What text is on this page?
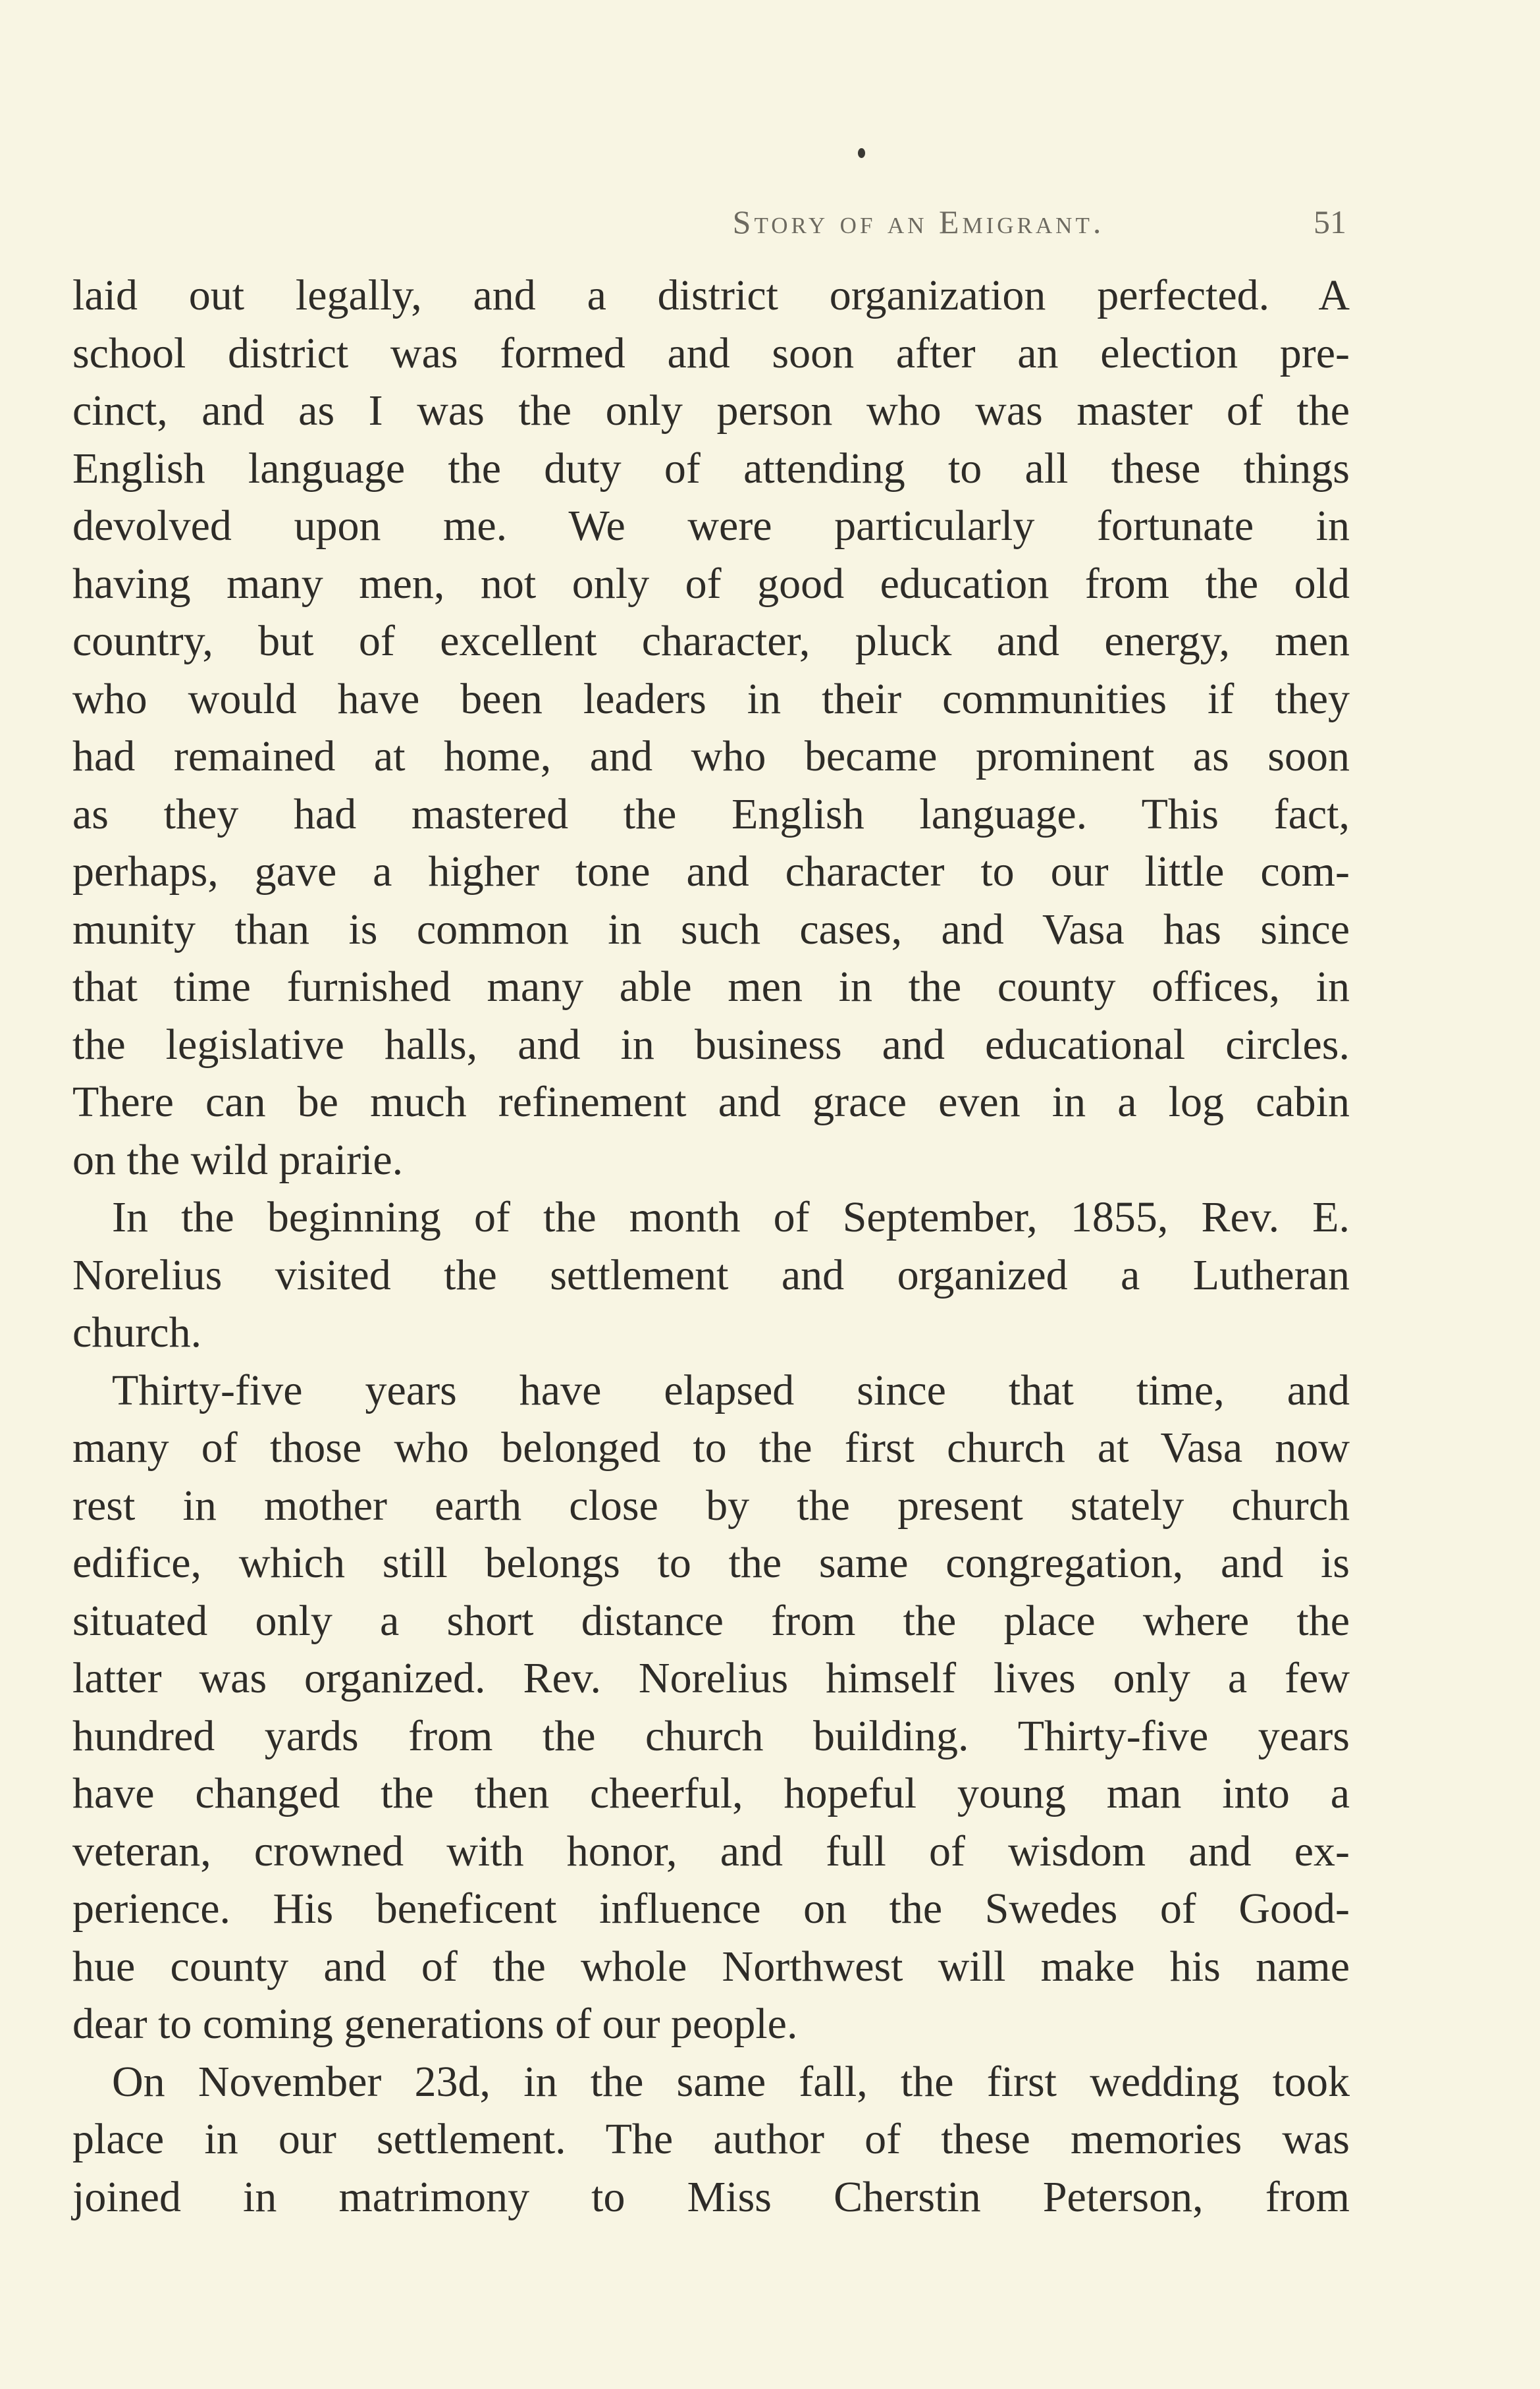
Story of an Emigrant.	51
laid out legally, and a district organization perfected. A
school district was formed and soon after an election pre-
cinct, and as I was the only person who was master of the
English language the duty of attending to all these things
devolved upon me. We were particularly fortunate in
having many men, not only of good education from the old
country, but of excellent character, pluck and energy, men
who would have been leaders in their communities if they
had remained at home, and who became prominent as soon
as they had mastered the English language. This fact,
perhaps, gave a higher tone and character to our little com-
munity than is common in such cases, and Vasa has since
that time furnished many able men in the county offices, in
the legislative halls, and in business and educational circles.
There can be much refinement and grace even in a log cabin
on the wild prairie.
In the beginning of the month of September, 1855, Rev. E.
Norelius visited the settlement and organized a Lutheran
church.
Thirty-five years have elapsed since that time, and
many of those who belonged to the first church at Vasa now
rest in mother earth close by the present stately church
edifice, which still belongs to the same congregation, and is
situated only a short distance from the place where the
latter was organized. Rev. Norelius himself lives only a few
hundred yards from the church building. Thirty-five years
have changed the then cheerful, hopeful young man into a
veteran, crowned with honor, and full of wisdom and ex-
perience. His beneficent influence on the Swedes of Good-
hue county and of the whole Northwest will make his name
dear to coming generations of our people.
On November 23d, in the same fall, the first wedding took
place in our settlement. The author of these memories was
joined in matrimony to Miss Cherstin Peterson, from
